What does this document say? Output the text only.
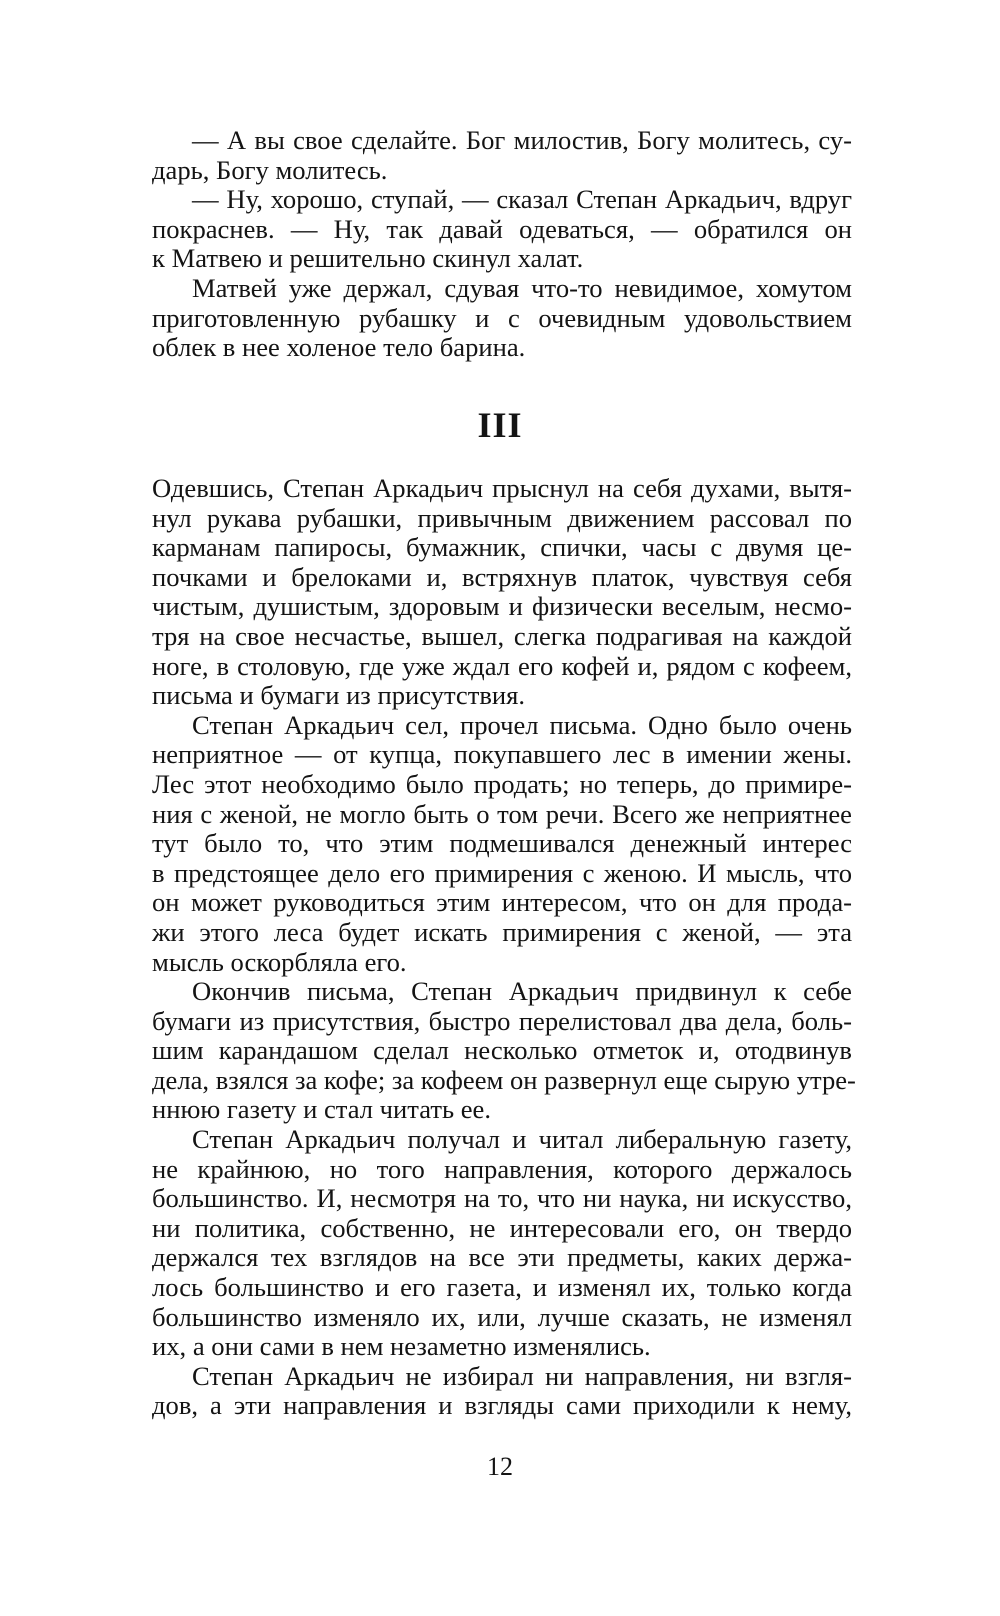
— А вы свое сделайте. Бог милостив, Богу молитесь, су-
дарь, Богу молитесь.
— Ну, хорошо, ступай, — сказал Степан Аркадьич, вдруг
покраснев. — Ну, так давай одеваться, — обратился он
к Матвею и решительно скинул халат.
Матвей уже держал, сдувая что-то невидимое, хомутом
приготовленную рубашку и с очевидным удовольствием
облек в нее холеное тело барина.
III
Одевшись, Степан Аркадьич прыснул на себя духами, вытя-
нул рукава рубашки, привычным движением рассовал по
карманам папиросы, бумажник, спички, часы с двумя це-
почками и брелоками и, встряхнув платок, чувствуя себя
чистым, душистым, здоровым и физически веселым, несмо-
тря на свое несчастье, вышел, слегка подрагивая на каждой
ноге, в столовую, где уже ждал его кофей и, рядом с кофеем,
письма и бумаги из присутствия.
Степан Аркадьич сел, прочел письма. Одно было очень
неприятное — от купца, покупавшего лес в имении жены.
Лес этот необходимо было продать; но теперь, до примире-
ния с женой, не могло быть о том речи. Всего же неприятнее
тут было то, что этим подмешивался денежный интерес
в предстоящее дело его примирения с женою. И мысль, что
он может руководиться этим интересом, что он для прода-
жи этого леса будет искать примирения с женой, — эта
мысль оскорбляла его.
Окончив письма, Степан Аркадьич придвинул к себе
бумаги из присутствия, быстро перелистовал два дела, боль-
шим карандашом сделал несколько отметок и, отодвинув
дела, взялся за кофе; за кофеем он развернул еще сырую утре-
ннюю газету и стал читать ее.
Степан Аркадьич получал и читал либеральную газету,
не крайнюю, но того направления, которого держалось
большинство. И, несмотря на то, что ни наука, ни искусство,
ни политика, собственно, не интересовали его, он твердо
держался тех взглядов на все эти предметы, каких держа-
лось большинство и его газета, и изменял их, только когда
большинство изменяло их, или, лучше сказать, не изменял
их, а они сами в нем незаметно изменялись.
Степан Аркадьич не избирал ни направления, ни взгля-
дов, а эти направления и взгляды сами приходили к нему,
12
